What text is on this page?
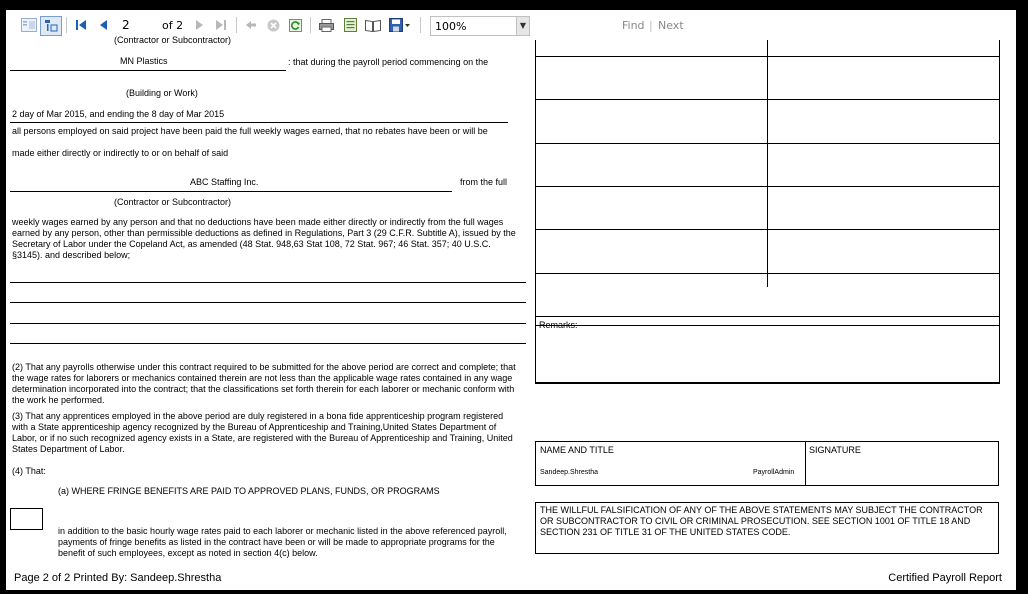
2
of 2	100%	▼	Find | Next
(Contractor or Subcontractor)
MN Plastics	: that during the payroll period commencing on the
(Building or Work)
2 day of Mar 2015, and ending the 8 day of Mar 2015
all persons employed on said project have been paid the full weekly wages earned, that no rebates have been or will be
made either directly or indirectly to or on behalf of said
ABC Staffing Inc.	from the full
(Contractor or Subcontractor)
weekly wages earned by any person and that no deductions have been made either directly or indirectly from the full wages earned by any person, other than permissible deductions as defined in Regulations, Part 3 (29 C.F.R. Subtitle A), issued by the Secretary of Labor under the Copeland Act, as amended (48 Stat. 948,63 Stat 108, 72 Stat. 967; 46 Stat. 357; 40 U.S.C. §3145). and described below;
(2) That any payrolls otherwise under this contract required to be submitted for the above period are correct and complete; that the wage rates for laborers or mechanics contained therein are not less than the applicable wage rates contained in any wage determination incorporated into the contract; that the classifications set forth therein for each laborer or mechanic conform with the work he performed.
(3) That any apprentices employed in the above period are duly registered in a bona fide apprenticeship program registered with a State apprenticeship agency recognized by the Bureau of Apprenticeship and Training,United States Department of Labor, or if no such recognized agency exists in a State, are registered with the Bureau of Apprenticeship and Training, United States Department of Labor.
(4) That:
(a) WHERE FRINGE BENEFITS ARE PAID TO APPROVED PLANS, FUNDS, OR PROGRAMS
in addition to the basic hourly wage rates paid to each laborer or mechanic listed in the above referenced payroll, payments of fringe benefits as listed in the contract have been or will be made to appropriate programs for the benefit of such employees, except as noted in section 4(c) below.
Remarks:
NAME AND TITLE	SIGNATURE
Sandeep.Shrestha	PayrollAdmin
THE WILLFUL FALSIFICATION OF ANY OF THE ABOVE STATEMENTS MAY SUBJECT THE CONTRACTOR OR SUBCONTRACTOR TO CIVIL OR CRIMINAL PROSECUTION. SEE SECTION 1001 OF TITLE 18 AND SECTION 231 OF TITLE 31 OF THE UNITED STATES CODE.
Page 2 of 2 Printed By: Sandeep.Shrestha	Certified Payroll Report
